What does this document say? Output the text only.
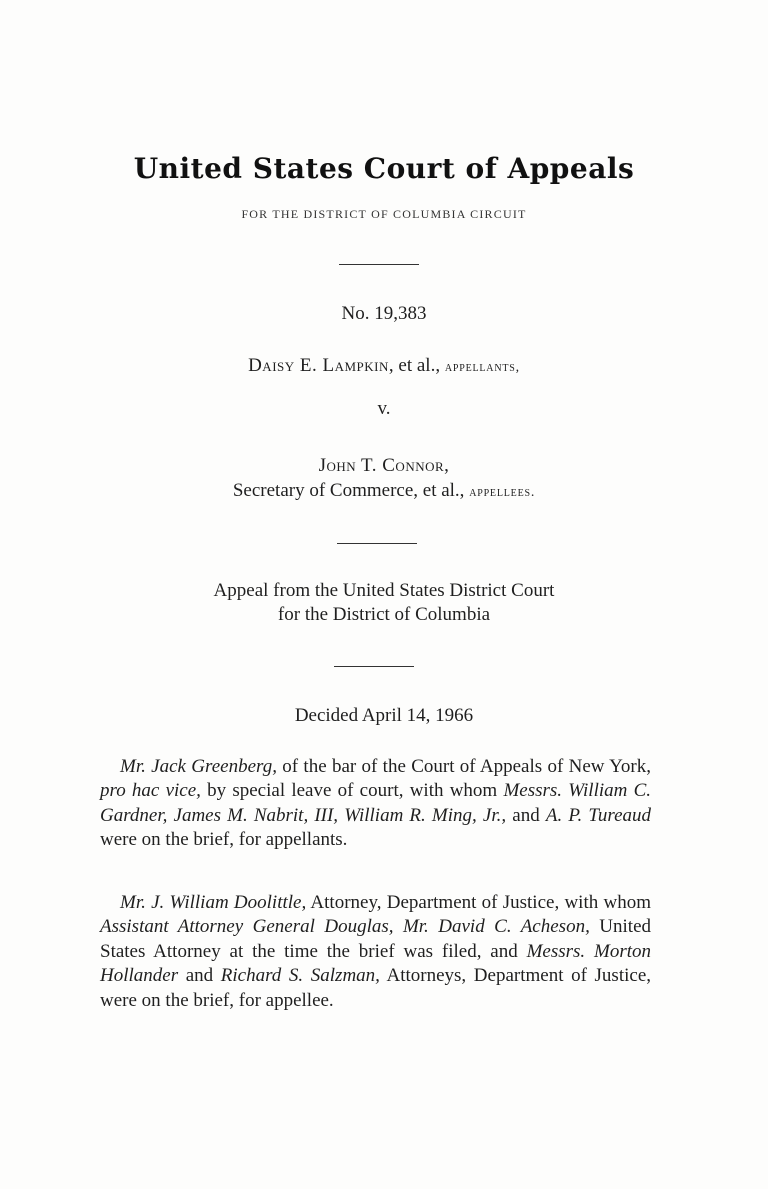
United States Court of Appeals
FOR THE DISTRICT OF COLUMBIA CIRCUIT
No. 19,383
Daisy E. Lampkin, et al., appellants,
v.
John T. Connor,
Secretary of Commerce, et al., appellees.
Appeal from the United States District Court
for the District of Columbia
Decided April 14, 1966

Mr. Jack Greenberg, of the bar of the Court of Appeals of New York, pro hac vice, by special leave of court, with whom Messrs. William C. Gardner, James M. Nabrit, III, William R. Ming, Jr., and A. P. Tureaud were on the brief, for appellants.

Mr. J. William Doolittle, Attorney, Department of Justice, with whom Assistant Attorney General Douglas, Mr. David C. Acheson, United States Attorney at the time the brief was filed, and Messrs. Morton Hollander and Richard S. Salzman, Attorneys, Department of Justice, were on the brief, for appellee.
